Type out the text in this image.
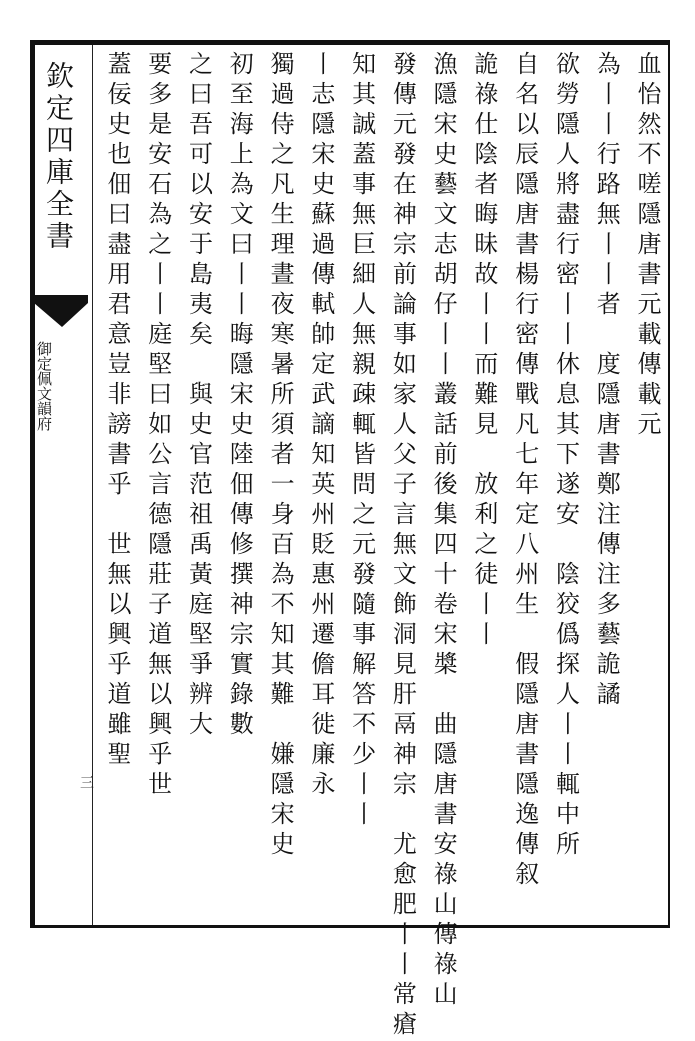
欽定四庫全書
御定佩文韻府
三
血怡然不嗟隱唐書元載傳載元
為丨丨行路無丨丨者　度隱唐書鄭注傳注多藝詭譎
欲勞隱人將盡行密丨丨休息其下遂安　陰狡僞探人丨丨輒中所
自名以辰隱唐書楊行密傳戰凡七年定八州生　假隱唐書隱逸傳叙
詭祿仕陰者晦昧故丨丨而難見　放利之徒丨丨
漁隱宋史藝文志胡仔丨丨叢話前後集四十卷宋槳　曲隱唐書安祿山傳祿山
發傳元發在神宗前論事如家人父子言無文飾洞見肝鬲神宗　尤愈肥丨丨常瘡
知其誠蓋事無巨細人無親疎輒皆問之元發隨事解答不少丨丨
丨志隱宋史蘇過傳軾帥定武謫知英州貶惠州遷儋耳徙廉永
獨過侍之凡生理晝夜寒暑所須者一身百為不知其難　嫌隱宋史
初至海上為文曰丨丨晦隱宋史陸佃傳修撰神宗實錄數
之曰吾可以安于島夷矣　與史官范祖禹黃庭堅爭辨大
要多是安石為之丨丨庭堅曰如公言德隱莊子道無以興乎世
蓋佞史也佃曰盡用君意豈非謗書乎　世無以興乎道雖聖
